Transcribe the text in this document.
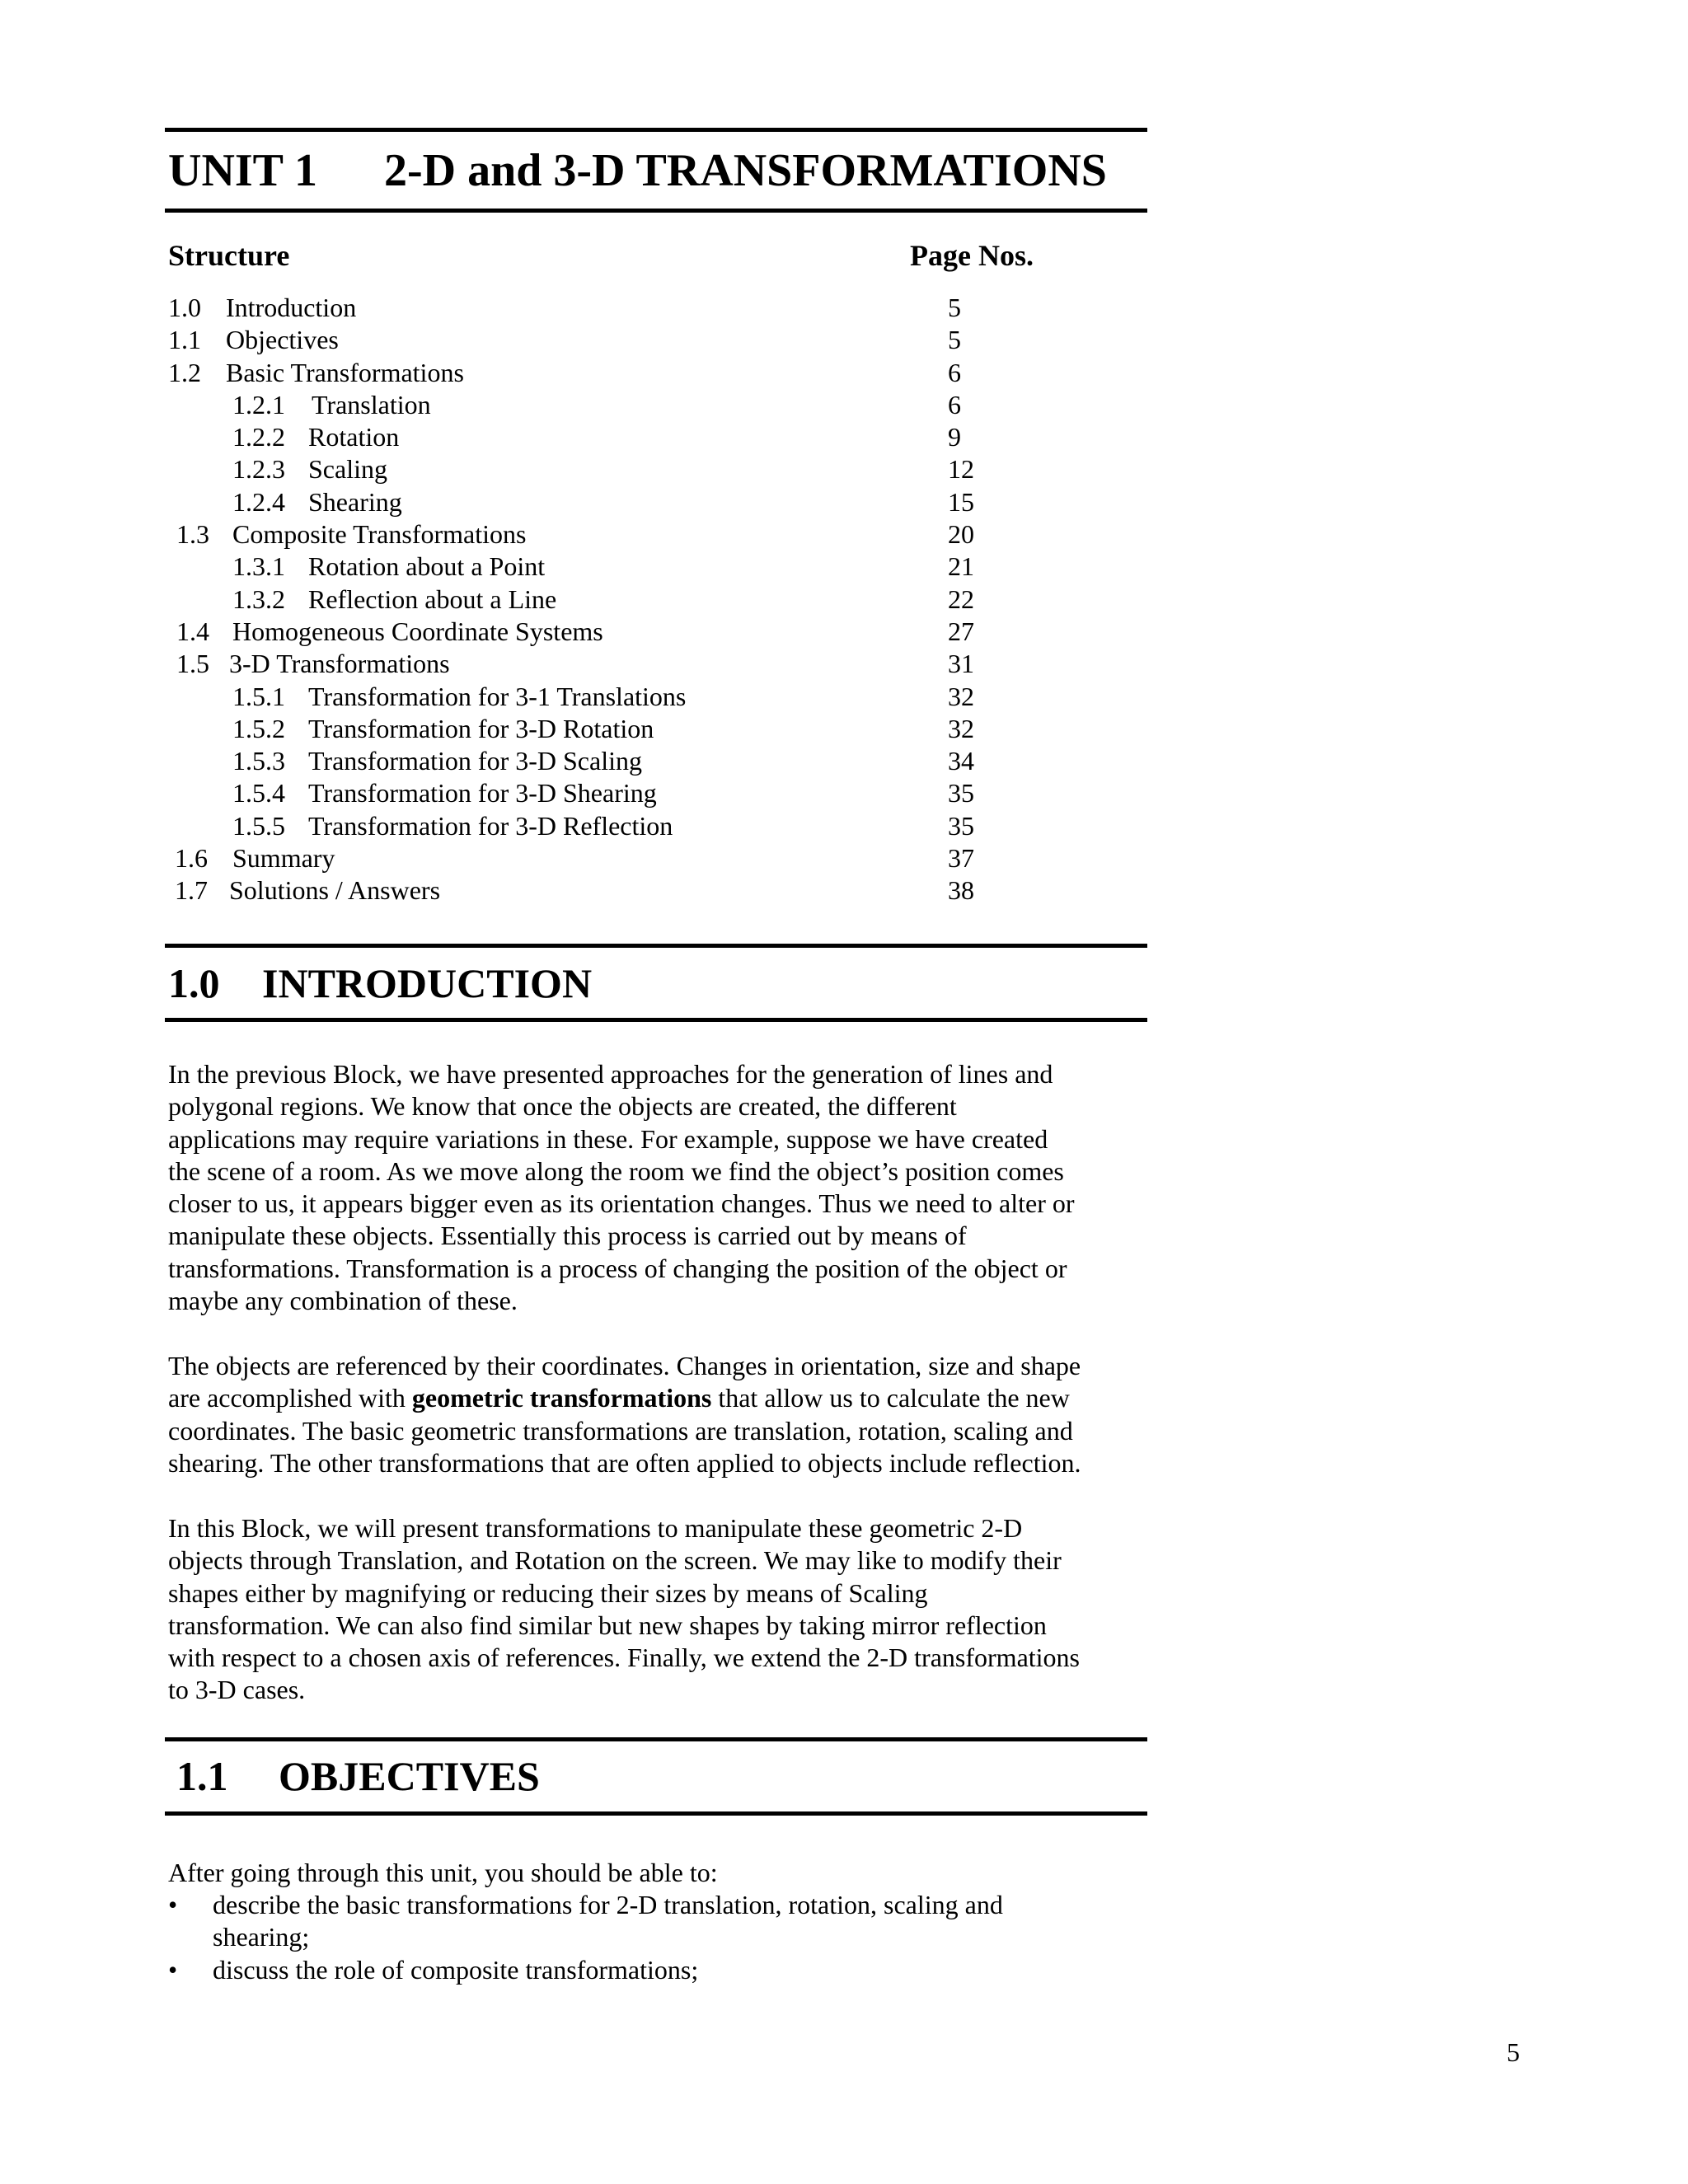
UNIT 1 2-D and 3-D TRANSFORMATIONS
Structure	Page Nos.
1.0 Introduction	5
1.1 Objectives	5
1.2 Basic Transformations	6
1.2.1 Translation	6
1.2.2 Rotation	9
1.2.3 Scaling	12
1.2.4 Shearing	15
1.3 Composite Transformations	20
1.3.1 Rotation about a Point	21
1.3.2 Reflection about a Line	22
1.4 Homogeneous Coordinate Systems	27
1.5 3-D Transformations	31
1.5.1 Transformation for 3-1 Translations	32
1.5.2 Transformation for 3-D Rotation	32
1.5.3 Transformation for 3-D Scaling	34
1.5.4 Transformation for 3-D Shearing	35
1.5.5 Transformation for 3-D Reflection	35
1.6 Summary	37
1.7 Solutions / Answers	38
1.0 INTRODUCTION

In the previous Block, we have presented approaches for the generation of lines and
polygonal regions. We know that once the objects are created, the different
applications may require variations in these. For example, suppose we have created
the scene of a room. As we move along the room we find the object’s position comes
closer to us, it appears bigger even as its orientation changes. Thus we need to alter or
manipulate these objects. Essentially this process is carried out by means of
transformations. Transformation is a process of changing the position of the object or
maybe any combination of these.

The objects are referenced by their coordinates. Changes in orientation, size and shape
are accomplished with geometric transformations that allow us to calculate the new
coordinates. The basic geometric transformations are translation, rotation, scaling and
shearing. The other transformations that are often applied to objects include reflection.

In this Block, we will present transformations to manipulate these geometric 2-D
objects through Translation, and Rotation on the screen. We may like to modify their
shapes either by magnifying or reducing their sizes by means of Scaling
transformation. We can also find similar but new shapes by taking mirror reflection
with respect to a chosen axis of references. Finally, we extend the 2-D transformations
to 3-D cases.

1.1 OBJECTIVES

After going through this unit, you should be able to:

• describe the basic transformations for 2-D translation, rotation, scaling and
shearing;
• discuss the role of composite transformations;
5
